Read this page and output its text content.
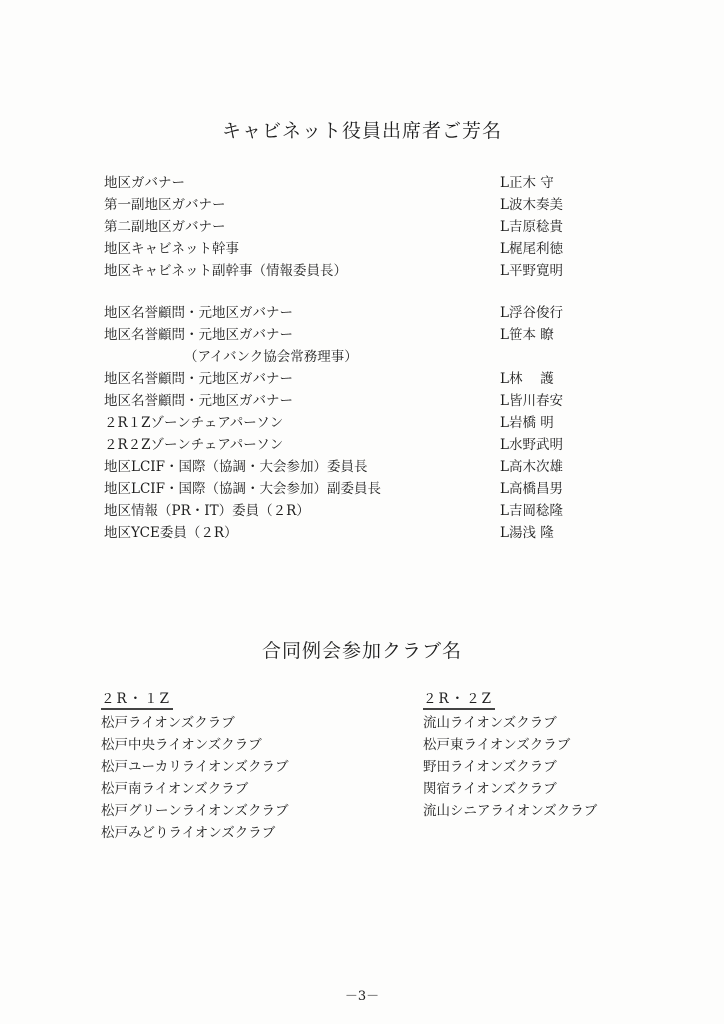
キャビネット役員出席者ご芳名
地区ガバナー	L正木 守
第一副地区ガバナー	L波木奏美
第二副地区ガバナー	L吉原稔貴
地区キャビネット幹事	L梶尾利徳
地区キャビネット副幹事（情報委員長）	L平野寛明
地区名誉顧問・元地区ガバナー	L浮谷俊行
地区名誉顧問・元地区ガバナー	L笹本 瞭
（アイバンク協会常務理事）
地区名誉顧問・元地区ガバナー	L林　 護
地区名誉顧問・元地区ガバナー	L皆川春安
２R１Zゾーンチェアパーソン	L岩橋 明
２R２Zゾーンチェアパーソン	L水野武明
地区LCIF・国際（協調・大会参加）委員長	L高木次雄
地区LCIF・国際（協調・大会参加）副委員長	L高橋昌男
地区情報（PR・IT）委員（２R）	L吉岡稔隆
地区YCE委員（２R）	L湯浅 隆
合同例会参加クラブ名
２R・１Z
松戸ライオンズクラブ
松戸中央ライオンズクラブ
松戸ユーカリライオンズクラブ
松戸南ライオンズクラブ
松戸グリーンライオンズクラブ
松戸みどりライオンズクラブ
２R・２Z
流山ライオンズクラブ
松戸東ライオンズクラブ
野田ライオンズクラブ
関宿ライオンズクラブ
流山シニアライオンズクラブ
－3－
